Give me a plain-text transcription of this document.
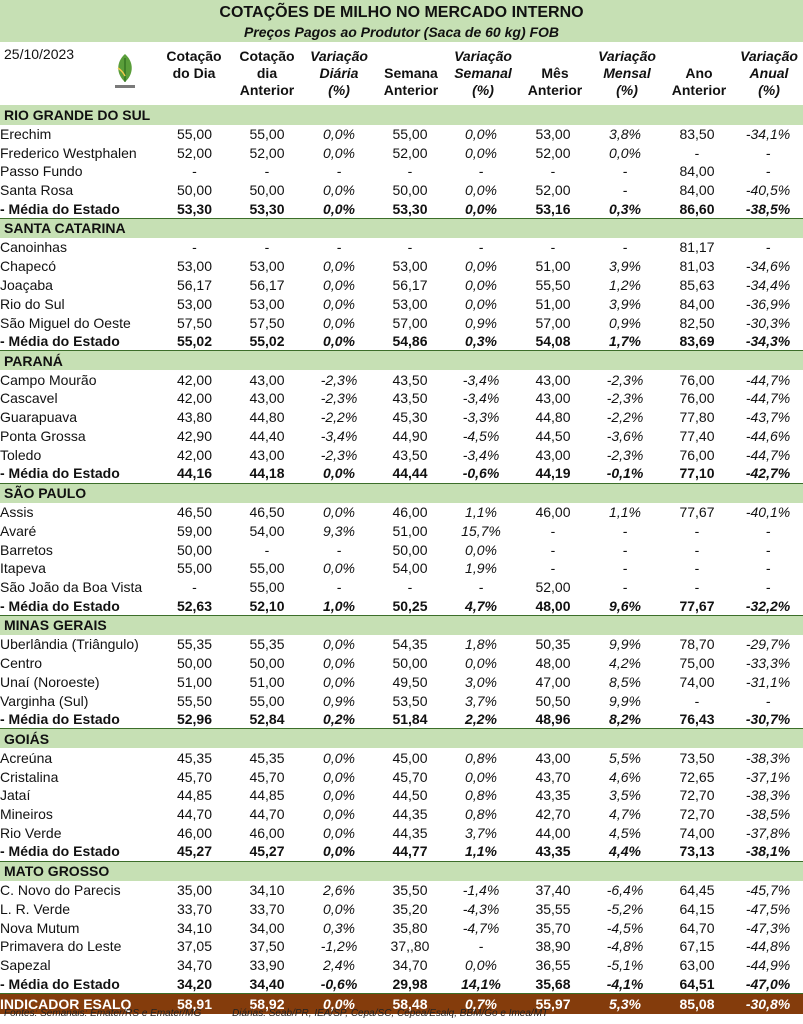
COTAÇÕES DE MILHO NO MERCADO INTERNO
Preços Pagos ao Produtor (Saca de 60 kg) FOB
25/10/2023	Cotação
do Dia

Cotação
dia
Anterior
Variação
Diária
(%)

Semana
Anterior
Variação
Semanal
(%)

Mês
Anterior
Variação
Mensal
(%)

Ano
Anterior
Variação
Anual
(%)
RIO GRANDE DO SUL									
Erechim	55,00	55,00	0,0%	55,00	0,0%	53,00	3,8%	83,50	-34,1%
Frederico Westphalen	52,00	52,00	0,0%	52,00	0,0%	52,00	0,0%	-	-
Passo Fundo	-	-	-	-	-	-	-	84,00	-
Santa Rosa	50,00	50,00	0,0%	50,00	0,0%	52,00	-	84,00	-40,5%
- Média do Estado	53,30	53,30	0,0%	53,30	0,0%	53,16	0,3%	86,60	-38,5%
SANTA CATARINA									
Canoinhas	-	-	-	-	-	-	-	81,17	-
Chapecó	53,00	53,00	0,0%	53,00	0,0%	51,00	3,9%	81,03	-34,6%
Joaçaba	56,17	56,17	0,0%	56,17	0,0%	55,50	1,2%	85,63	-34,4%
Rio do Sul	53,00	53,00	0,0%	53,00	0,0%	51,00	3,9%	84,00	-36,9%
São Miguel do Oeste	57,50	57,50	0,0%	57,00	0,9%	57,00	0,9%	82,50	-30,3%
- Média do Estado	55,02	55,02	0,0%	54,86	0,3%	54,08	1,7%	83,69	-34,3%
PARANÁ									
Campo Mourão	42,00	43,00	-2,3%	43,50	-3,4%	43,00	-2,3%	76,00	-44,7%
Cascavel	42,00	43,00	-2,3%	43,50	-3,4%	43,00	-2,3%	76,00	-44,7%
Guarapuava	43,80	44,80	-2,2%	45,30	-3,3%	44,80	-2,2%	77,80	-43,7%
Ponta Grossa	42,90	44,40	-3,4%	44,90	-4,5%	44,50	-3,6%	77,40	-44,6%
Toledo	42,00	43,00	-2,3%	43,50	-3,4%	43,00	-2,3%	76,00	-44,7%
- Média do Estado	44,16	44,18	0,0%	44,44	-0,6%	44,19	-0,1%	77,10	-42,7%
SÃO PAULO									
Assis	46,50	46,50	0,0%	46,00	1,1%	46,00	1,1%	77,67	-40,1%
Avaré	59,00	54,00	9,3%	51,00	15,7%	-	-	-	-
Barretos	50,00	-	-	50,00	0,0%	-	-	-	-
Itapeva	55,00	55,00	0,0%	54,00	1,9%	-	-	-	-
São João da Boa Vista	-	55,00	-	-	-	52,00	-	-	-
- Média do Estado	52,63	52,10	1,0%	50,25	4,7%	48,00	9,6%	77,67	-32,2%
MINAS GERAIS									
Uberlândia (Triângulo)	55,35	55,35	0,0%	54,35	1,8%	50,35	9,9%	78,70	-29,7%
Centro	50,00	50,00	0,0%	50,00	0,0%	48,00	4,2%	75,00	-33,3%
Unaí (Noroeste)	51,00	51,00	0,0%	49,50	3,0%	47,00	8,5%	74,00	-31,1%
Varginha (Sul)	55,50	55,00	0,9%	53,50	3,7%	50,50	9,9%	-	-
- Média do Estado	52,96	52,84	0,2%	51,84	2,2%	48,96	8,2%	76,43	-30,7%
GOIÁS									
Acreúna	45,35	45,35	0,0%	45,00	0,8%	43,00	5,5%	73,50	-38,3%
Cristalina	45,70	45,70	0,0%	45,70	0,0%	43,70	4,6%	72,65	-37,1%
Jataí	44,85	44,85	0,0%	44,50	0,8%	43,35	3,5%	72,70	-38,3%
Mineiros	44,70	44,70	0,0%	44,35	0,8%	42,70	4,7%	72,70	-38,5%
Rio Verde	46,00	46,00	0,0%	44,35	3,7%	44,00	4,5%	74,00	-37,8%
- Média do Estado	45,27	45,27	0,0%	44,77	1,1%	43,35	4,4%	73,13	-38,1%
MATO GROSSO									
C. Novo do Parecis	35,00	34,10	2,6%	35,50	-1,4%	37,40	-6,4%	64,45	-45,7%
L. R. Verde	33,70	33,70	0,0%	35,20	-4,3%	35,55	-5,2%	64,15	-47,5%
Nova Mutum	34,10	34,00	0,3%	35,80	-4,7%	35,70	-4,5%	64,70	-47,3%
Primavera do Leste	37,05	37,50	-1,2%	37,,80	-	38,90	-4,8%	67,15	-44,8%
Sapezal	34,70	33,90	2,4%	34,70	0,0%	36,55	-5,1%	63,00	-44,9%
- Média do Estado	34,20	34,40	-0,6%	29,98	14,1%	35,68	-4,1%	64,51	-47,0%
INDICADOR ESALQ	58,91	58,92	0,0%	58,48	0,7%	55,97	5,3%	85,08	-30,8%
Fontes: Semanais: Emater/RS e Emater/MG	Diárias: Seab/PR, IEA/SP, Cepa/SC, Cepea/Esalq, BBM/Go e Imea/MT
